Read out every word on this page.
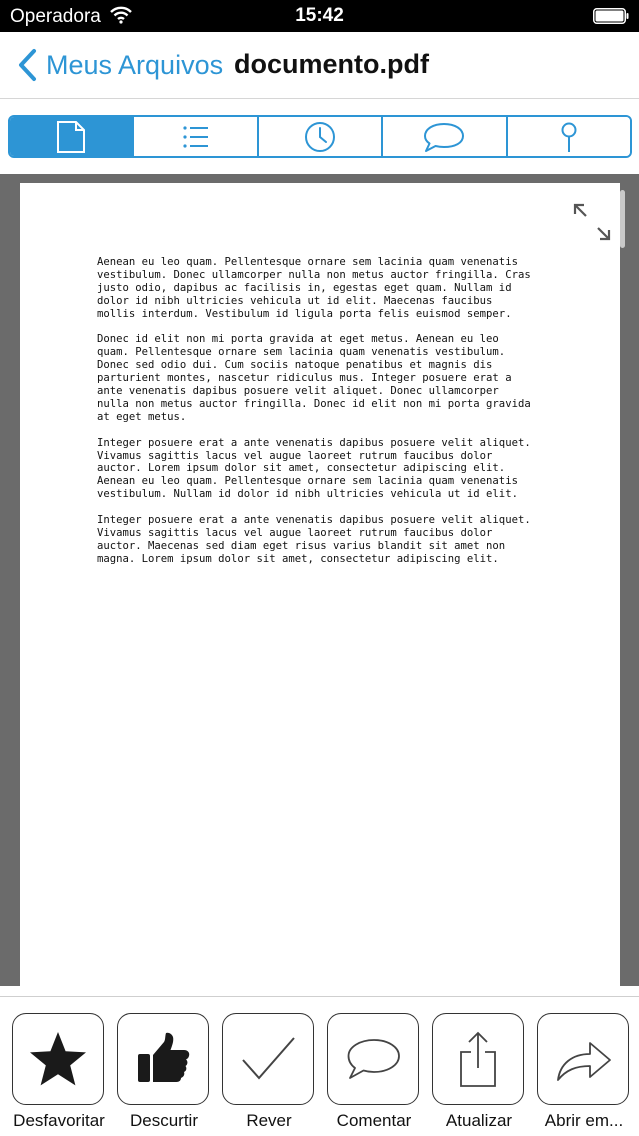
Operadora	15:42
Meus Arquivos documento.pdf

Aenean eu leo quam. Pellentesque ornare sem lacinia quam venenatis
vestibulum. Donec ullamcorper nulla non metus auctor fringilla. Cras
justo odio, dapibus ac facilisis in, egestas eget quam. Nullam id
dolor id nibh ultricies vehicula ut id elit. Maecenas faucibus
mollis interdum. Vestibulum id ligula porta felis euismod semper.

Donec id elit non mi porta gravida at eget metus. Aenean eu leo
quam. Pellentesque ornare sem lacinia quam venenatis vestibulum.
Donec sed odio dui. Cum sociis natoque penatibus et magnis dis
parturient montes, nascetur ridiculus mus. Integer posuere erat a
ante venenatis dapibus posuere velit aliquet. Donec ullamcorper
nulla non metus auctor fringilla. Donec id elit non mi porta gravida
at eget metus.

Integer posuere erat a ante venenatis dapibus posuere velit aliquet.
Vivamus sagittis lacus vel augue laoreet rutrum faucibus dolor
auctor. Lorem ipsum dolor sit amet, consectetur adipiscing elit.
Aenean eu leo quam. Pellentesque ornare sem lacinia quam venenatis
vestibulum. Nullam id dolor id nibh ultricies vehicula ut id elit.

Integer posuere erat a ante venenatis dapibus posuere velit aliquet.
Vivamus sagittis lacus vel augue laoreet rutrum faucibus dolor
auctor. Maecenas sed diam eget risus varius blandit sit amet non
magna. Lorem ipsum dolor sit amet, consectetur adipiscing elit.

Desfavoritar	Descurtir	Rever	Comentar	Atualizar	Abrir em...
